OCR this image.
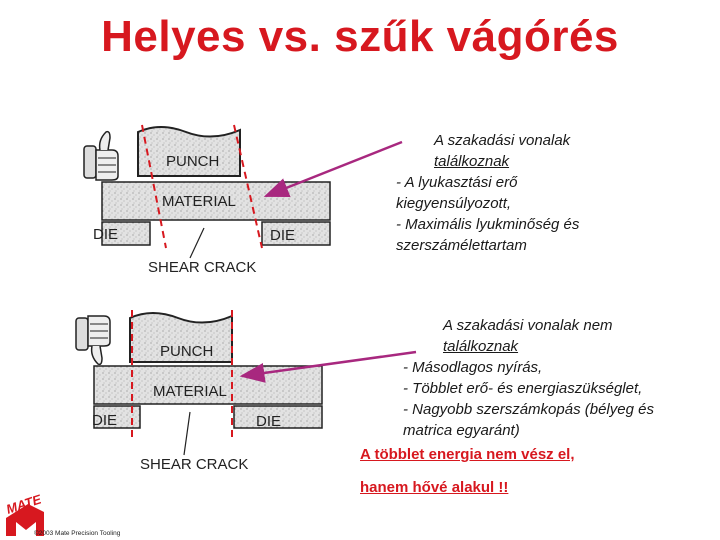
Helyes vs. szűk vágórés
PUNCH
MATERIAL
DIE	DIE
SHEAR CRACK
PUNCH
MATERIAL
DIE	DIE
SHEAR CRACK
MATE
A szakadási vonalak
találkoznak
- A lyukasztási erő
kiegyensúlyozott,
- Maximális lyukminőség és
szerszámélettartam
A szakadási vonalak nem
találkoznak
- Másodlagos nyírás,
- Többlet erő- és energiaszükséglet,
- Nagyobb szerszámkopás (bélyeg és
matrica egyaránt)
A többlet energia nem vész el,
hanem hővé alakul !!
©2003 Mate Precision Tooling
